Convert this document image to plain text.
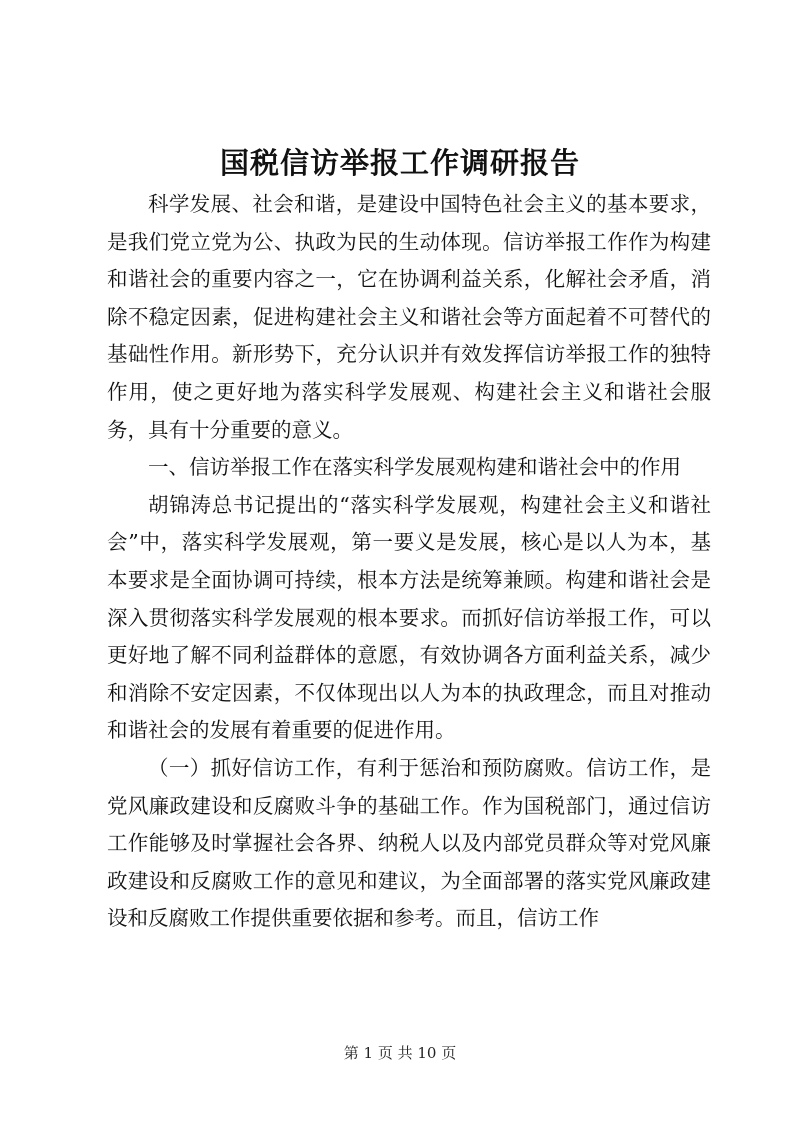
国税信访举报工作调研报告

科学发展、社会和谐，是建设中国特色社会主义的基本要求，是我们党立党为公、执政为民的生动体现。信访举报工作作为构建和谐社会的重要内容之一，它在协调利益关系，化解社会矛盾，消除不稳定因素，促进构建社会主义和谐社会等方面起着不可替代的基础性作用。新形势下，充分认识并有效发挥信访举报工作的独特作用，使之更好地为落实科学发展观、构建社会主义和谐社会服务，具有十分重要的意义。

一、信访举报工作在落实科学发展观构建和谐社会中的作用

胡锦涛总书记提出的“落实科学发展观，构建社会主义和谐社会”中，落实科学发展观，第一要义是发展，核心是以人为本，基本要求是全面协调可持续，根本方法是统筹兼顾。构建和谐社会是深入贯彻落实科学发展观的根本要求。而抓好信访举报工作，可以更好地了解不同利益群体的意愿，有效协调各方面利益关系，减少和消除不安定因素，不仅体现出以人为本的执政理念，而且对推动和谐社会的发展有着重要的促进作用。

（一）抓好信访工作，有利于惩治和预防腐败。信访工作，是党风廉政建设和反腐败斗争的基础工作。作为国税部门，通过信访工作能够及时掌握社会各界、纳税人以及内部党员群众等对党风廉政建设和反腐败工作的意见和建议，为全面部署的落实党风廉政建设和反腐败工作提供重要依据和参考。而且，信访工作

第 1 页 共 10 页
